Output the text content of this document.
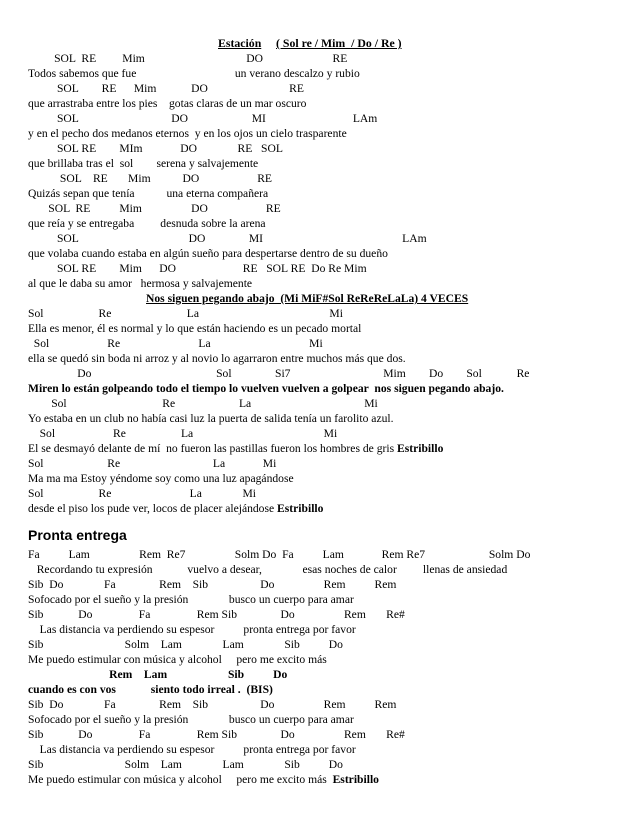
Estación ( Sol re / Mim  / Do / Re )
SOL  RE         Mim                                   DO                        RE
Todos sabemos que fue                                  un verano descalzo y rubio
SOL        RE      Mim            DO                            RE
que arrastraba entre los pies    gotas claras de un mar oscuro
SOL                                DO                      MI                              LAm
y en el pecho dos medanos eternos  y en los ojos un cielo trasparente
SOL RE        MIm             DO              RE   SOL
que brillaba tras el  sol        serena y salvajemente
SOL    RE       Mim           DO                    RE
Quizás sepan que tenía           una eterna compañera
SOL  RE          Mim                 DO                    RE
que reía y se entregaba         desnuda sobre la arena
SOL                                      DO               MI                                                LAm
que volaba cuando estaba en algún sueño para despertarse dentro de su dueño
SOL RE        Mim      DO                       RE   SOL RE  Do Re Mim
al que le daba su amor   hermosa y salvajemente
Nos siguen pegando abajo  (Mi MiF#Sol ReReReLaLa) 4 VECES
Sol                   Re                          La                                             Mi
Ella es menor, él es normal y lo que están haciendo es un pecado mortal
Sol                    Re                           La                                  Mi
ella se quedó sin boda ni arroz y al novio lo agarraron entre muchos más que dos.
Do                                           Sol               Si7                                Mim        Do        Sol            Re
Miren lo están golpeando todo el tiempo lo vuelven vuelven a golpear  nos siguen pegando abajo.
Sol                                 Re                      La                                       Mi
Yo estaba en un club no había casi luz la puerta de salida tenía un farolito azul.
Sol                    Re                   La                                             Mi
El se desmayó delante de mí  no fueron las pastillas fueron los hombres de gris Estribillo
Sol                      Re                                La             Mi
Ma ma ma Estoy yéndome soy como una luz apagándose
Sol                   Re                           La              Mi
desde el piso los pude ver, locos de placer alejándose Estribillo
Pronta entrega
Fa          Lam                 Rem  Re7                 Solm Do  Fa          Lam             Rem Re7                      Solm Do
Recordando tu expresión            vuelvo a desear,              esas noches de calor         llenas de ansiedad
Sib  Do              Fa               Rem    Sib                  Do                 Rem          Rem
Sofocado por el sueño y la presión              busco un cuerpo para amar
Sib            Do                Fa                Rem Sib               Do                 Rem       Re#
Las distancia va perdiendo su espesor          pronta entrega por favor
Sib                            Solm    Lam              Lam              Sib          Do
Me puedo estimular con música y alcohol     pero me excito más
Rem    Lam                     Sib          Do
cuando es con vos            siento todo irreal .  (BIS)
Sib  Do              Fa               Rem    Sib                  Do                 Rem          Rem
Sofocado por el sueño y la presión              busco un cuerpo para amar
Sib            Do                Fa                Rem Sib               Do                 Rem       Re#
Las distancia va perdiendo su espesor          pronta entrega por favor
Sib                            Solm    Lam              Lam              Sib          Do
Me puedo estimular con música y alcohol     pero me excito más  Estribillo
